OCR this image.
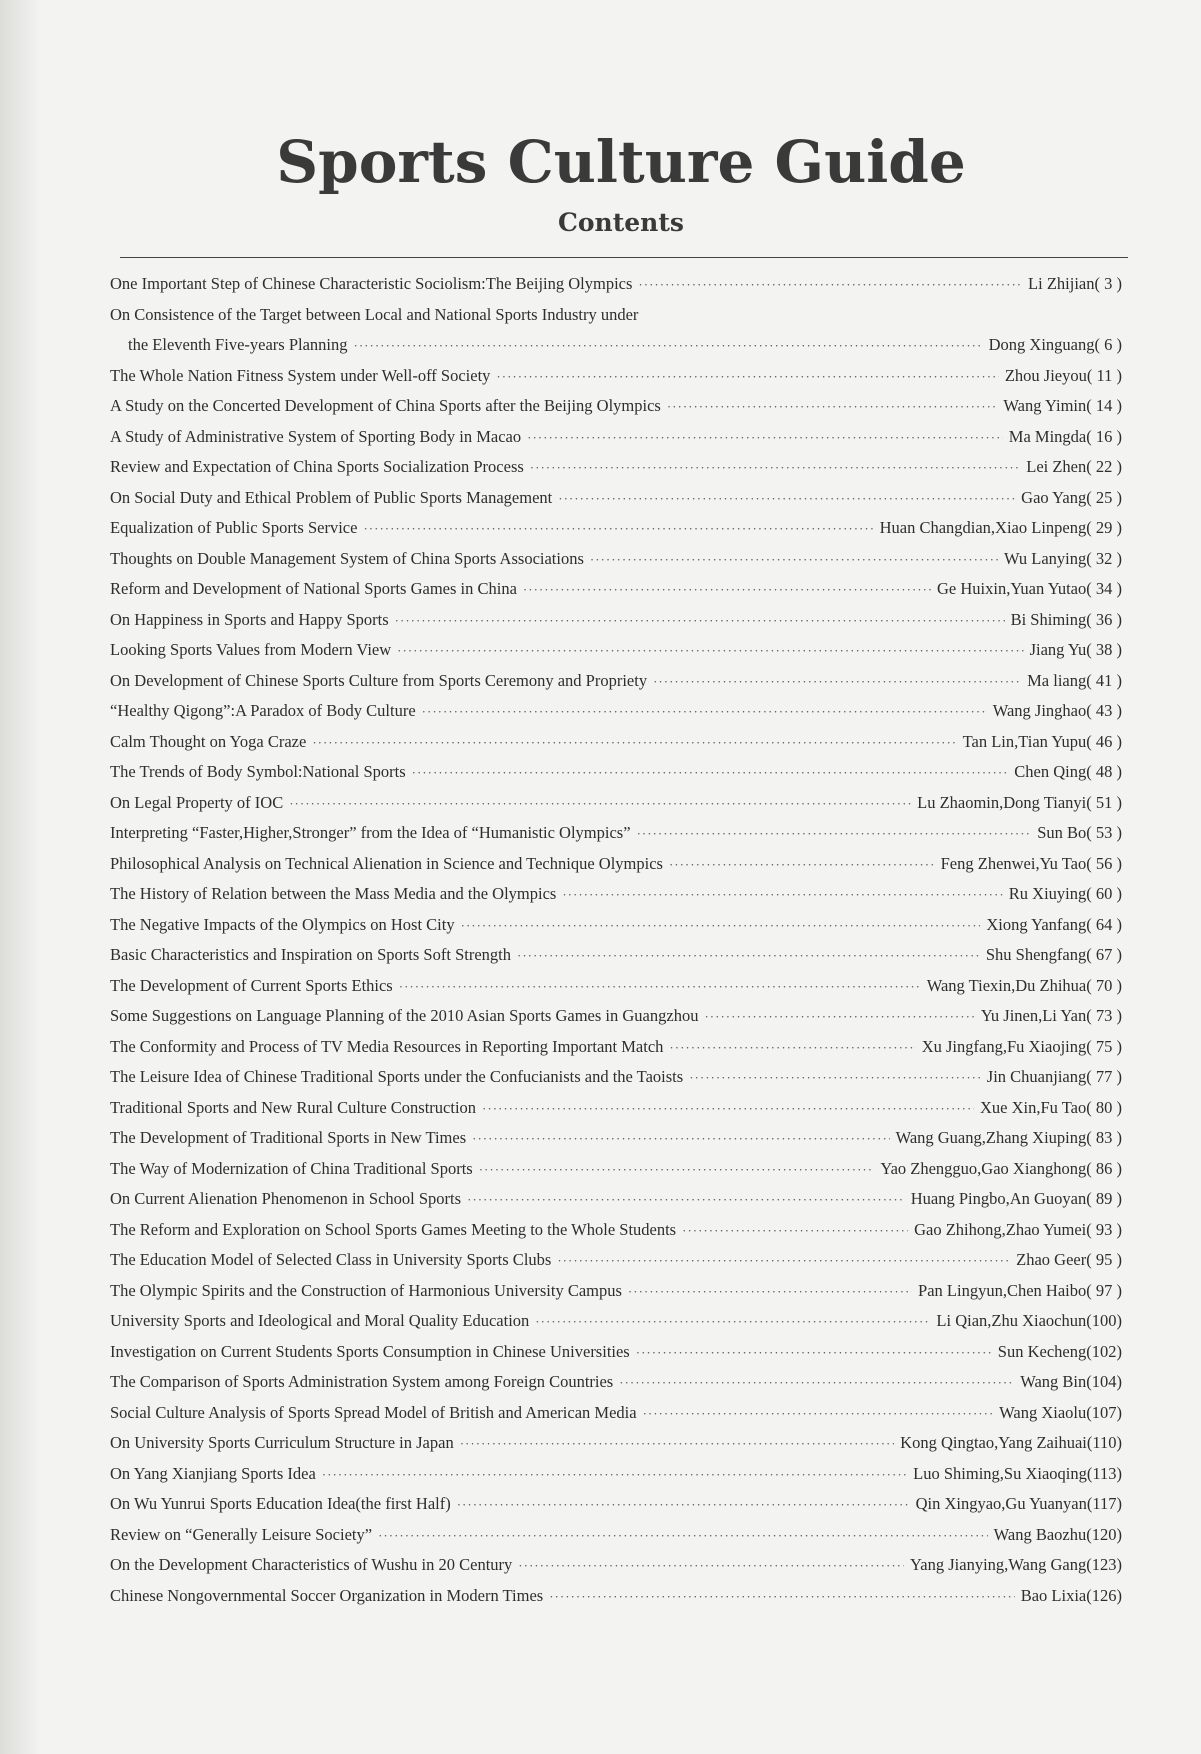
Sports Culture Guide
Contents
One Important Step of Chinese Characteristic Sociolism:The Beijing Olympics ·····	Li Zhijian ( 3 )
On Consistence of the Target between Local and National Sports Industry under
the Eleventh Five-years Planning ·····	Dong Xinguang ( 6 )
The Whole Nation Fitness System under Well-off Society ·····	Zhou Jieyou ( 11 )
A Study on the Concerted Development of China Sports after the Beijing Olympics ·····	Wang Yimin ( 14 )
A Study of Administrative System of Sporting Body in Macao ·····	Ma Mingda ( 16 )
Review and Expectation of China Sports Socialization Process ·····	Lei Zhen ( 22 )
On Social Duty and Ethical Problem of Public Sports Management ·····	Gao Yang ( 25 )
Equalization of Public Sports Service ·····	Huan Changdian,Xiao Linpeng ( 29 )
Thoughts on Double Management System of China Sports Associations ·····	Wu Lanying ( 32 )
Reform and Development of National Sports Games in China ·····	Ge Huixin,Yuan Yutao ( 34 )
On Happiness in Sports and Happy Sports ·····	Bi Shiming ( 36 )
Looking Sports Values from Modern View ·····	Jiang Yu ( 38 )
On Development of Chinese Sports Culture from Sports Ceremony and Propriety ·····	Ma liang ( 41 )
“Healthy Qigong”:A Paradox of Body Culture ·····	Wang Jinghao ( 43 )
Calm Thought on Yoga Craze ·····	Tan Lin,Tian Yupu ( 46 )
The Trends of Body Symbol:National Sports ·····	Chen Qing ( 48 )
On Legal Property of IOC ·····	Lu Zhaomin,Dong Tianyi ( 51 )
Interpreting “Faster,Higher,Stronger” from the Idea of “Humanistic Olympics” ·····	Sun Bo ( 53 )
Philosophical Analysis on Technical Alienation in Science and Technique Olympics ·····	Feng Zhenwei,Yu Tao ( 56 )
The History of Relation between the Mass Media and the Olympics ·····	Ru Xiuying ( 60 )
The Negative Impacts of the Olympics on Host City ·····	Xiong Yanfang ( 64 )
Basic Characteristics and Inspiration on Sports Soft Strength ·····	Shu Shengfang ( 67 )
The Development of Current Sports Ethics ·····	Wang Tiexin,Du Zhihua ( 70 )
Some Suggestions on Language Planning of the 2010 Asian Sports Games in Guangzhou ·····	Yu Jinen,Li Yan ( 73 )
The Conformity and Process of TV Media Resources in Reporting Important Match ·····	Xu Jingfang,Fu Xiaojing ( 75 )
The Leisure Idea of Chinese Traditional Sports under the Confucianists and the Taoists ·····	Jin Chuanjiang ( 77 )
Traditional Sports and New Rural Culture Construction ·····	Xue Xin,Fu Tao ( 80 )
The Development of Traditional Sports in New Times ·····	Wang Guang,Zhang Xiuping ( 83 )
The Way of Modernization of China Traditional Sports ·····	Yao Zhengguo,Gao Xianghong ( 86 )
On Current Alienation Phenomenon in School Sports ·····	Huang Pingbo,An Guoyan ( 89 )
The Reform and Exploration on School Sports Games Meeting to the Whole Students ·····	Gao Zhihong,Zhao Yumei ( 93 )
The Education Model of Selected Class in University Sports Clubs ·····	Zhao Geer ( 95 )
The Olympic Spirits and the Construction of Harmonious University Campus ·····	Pan Lingyun,Chen Haibo ( 97 )
University Sports and Ideological and Moral Quality Education ·····	Li Qian,Zhu Xiaochun (100)
Investigation on Current Students Sports Consumption in Chinese Universities ·····	Sun Kecheng (102)
The Comparison of Sports Administration System among Foreign Countries ·····	Wang Bin (104)
Social Culture Analysis of Sports Spread Model of British and American Media ·····	Wang Xiaolu (107)
On University Sports Curriculum Structure in Japan ·····	Kong Qingtao,Yang Zaihuai (110)
On Yang Xianjiang Sports Idea ·····	Luo Shiming,Su Xiaoqing (113)
On Wu Yunrui Sports Education Idea(the first Half) ·····	Qin Xingyao,Gu Yuanyan (117)
Review on “Generally Leisure Society” ·····	Wang Baozhu (120)
On the Development Characteristics of Wushu in 20 Century ·····	Yang Jianying,Wang Gang (123)
Chinese Nongovernmental Soccer Organization in Modern Times ·····	Bao Lixia (126)
